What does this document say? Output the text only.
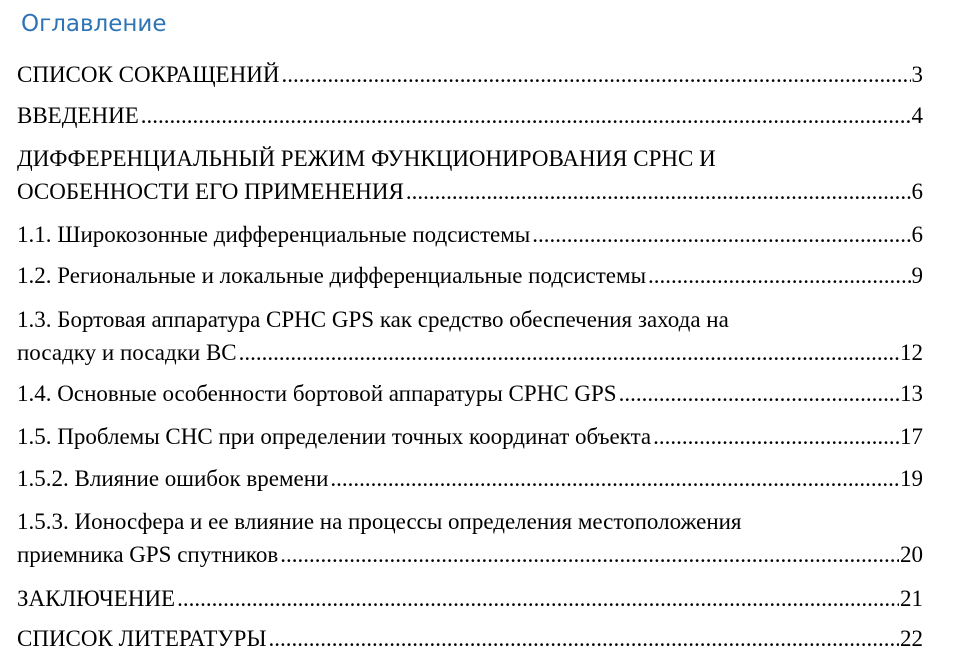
Оглавление
СПИСОК СОКРАЩЕНИЙ .....	3
ВВЕДЕНИЕ .....	4
ДИФФЕРЕНЦИАЛЬНЫЙ РЕЖИМ ФУНКЦИОНИРОВАНИЯ СРНС И
ОСОБЕННОСТИ ЕГО ПРИМЕНЕНИЯ .....	6
1.1. Широкозонные дифференциальные подсистемы .....	6
1.2. Региональные и локальные дифференциальные подсистемы .....	9
1.3. Бортовая аппаратура СРНС GPS как средство обеспечения захода на
посадку и посадки ВС .....	12
1.4. Основные особенности бортовой аппаратуры СРНС GPS .....	13
1.5. Проблемы СНС при определении точных координат объекта .....	17
1.5.2. Влияние ошибок времени .....	19
1.5.3. Ионосфера и ее влияние на процессы определения местоположения
приемника GPS спутников .....	20
ЗАКЛЮЧЕНИЕ .....	21
СПИСОК ЛИТЕРАТУРЫ .....	22
